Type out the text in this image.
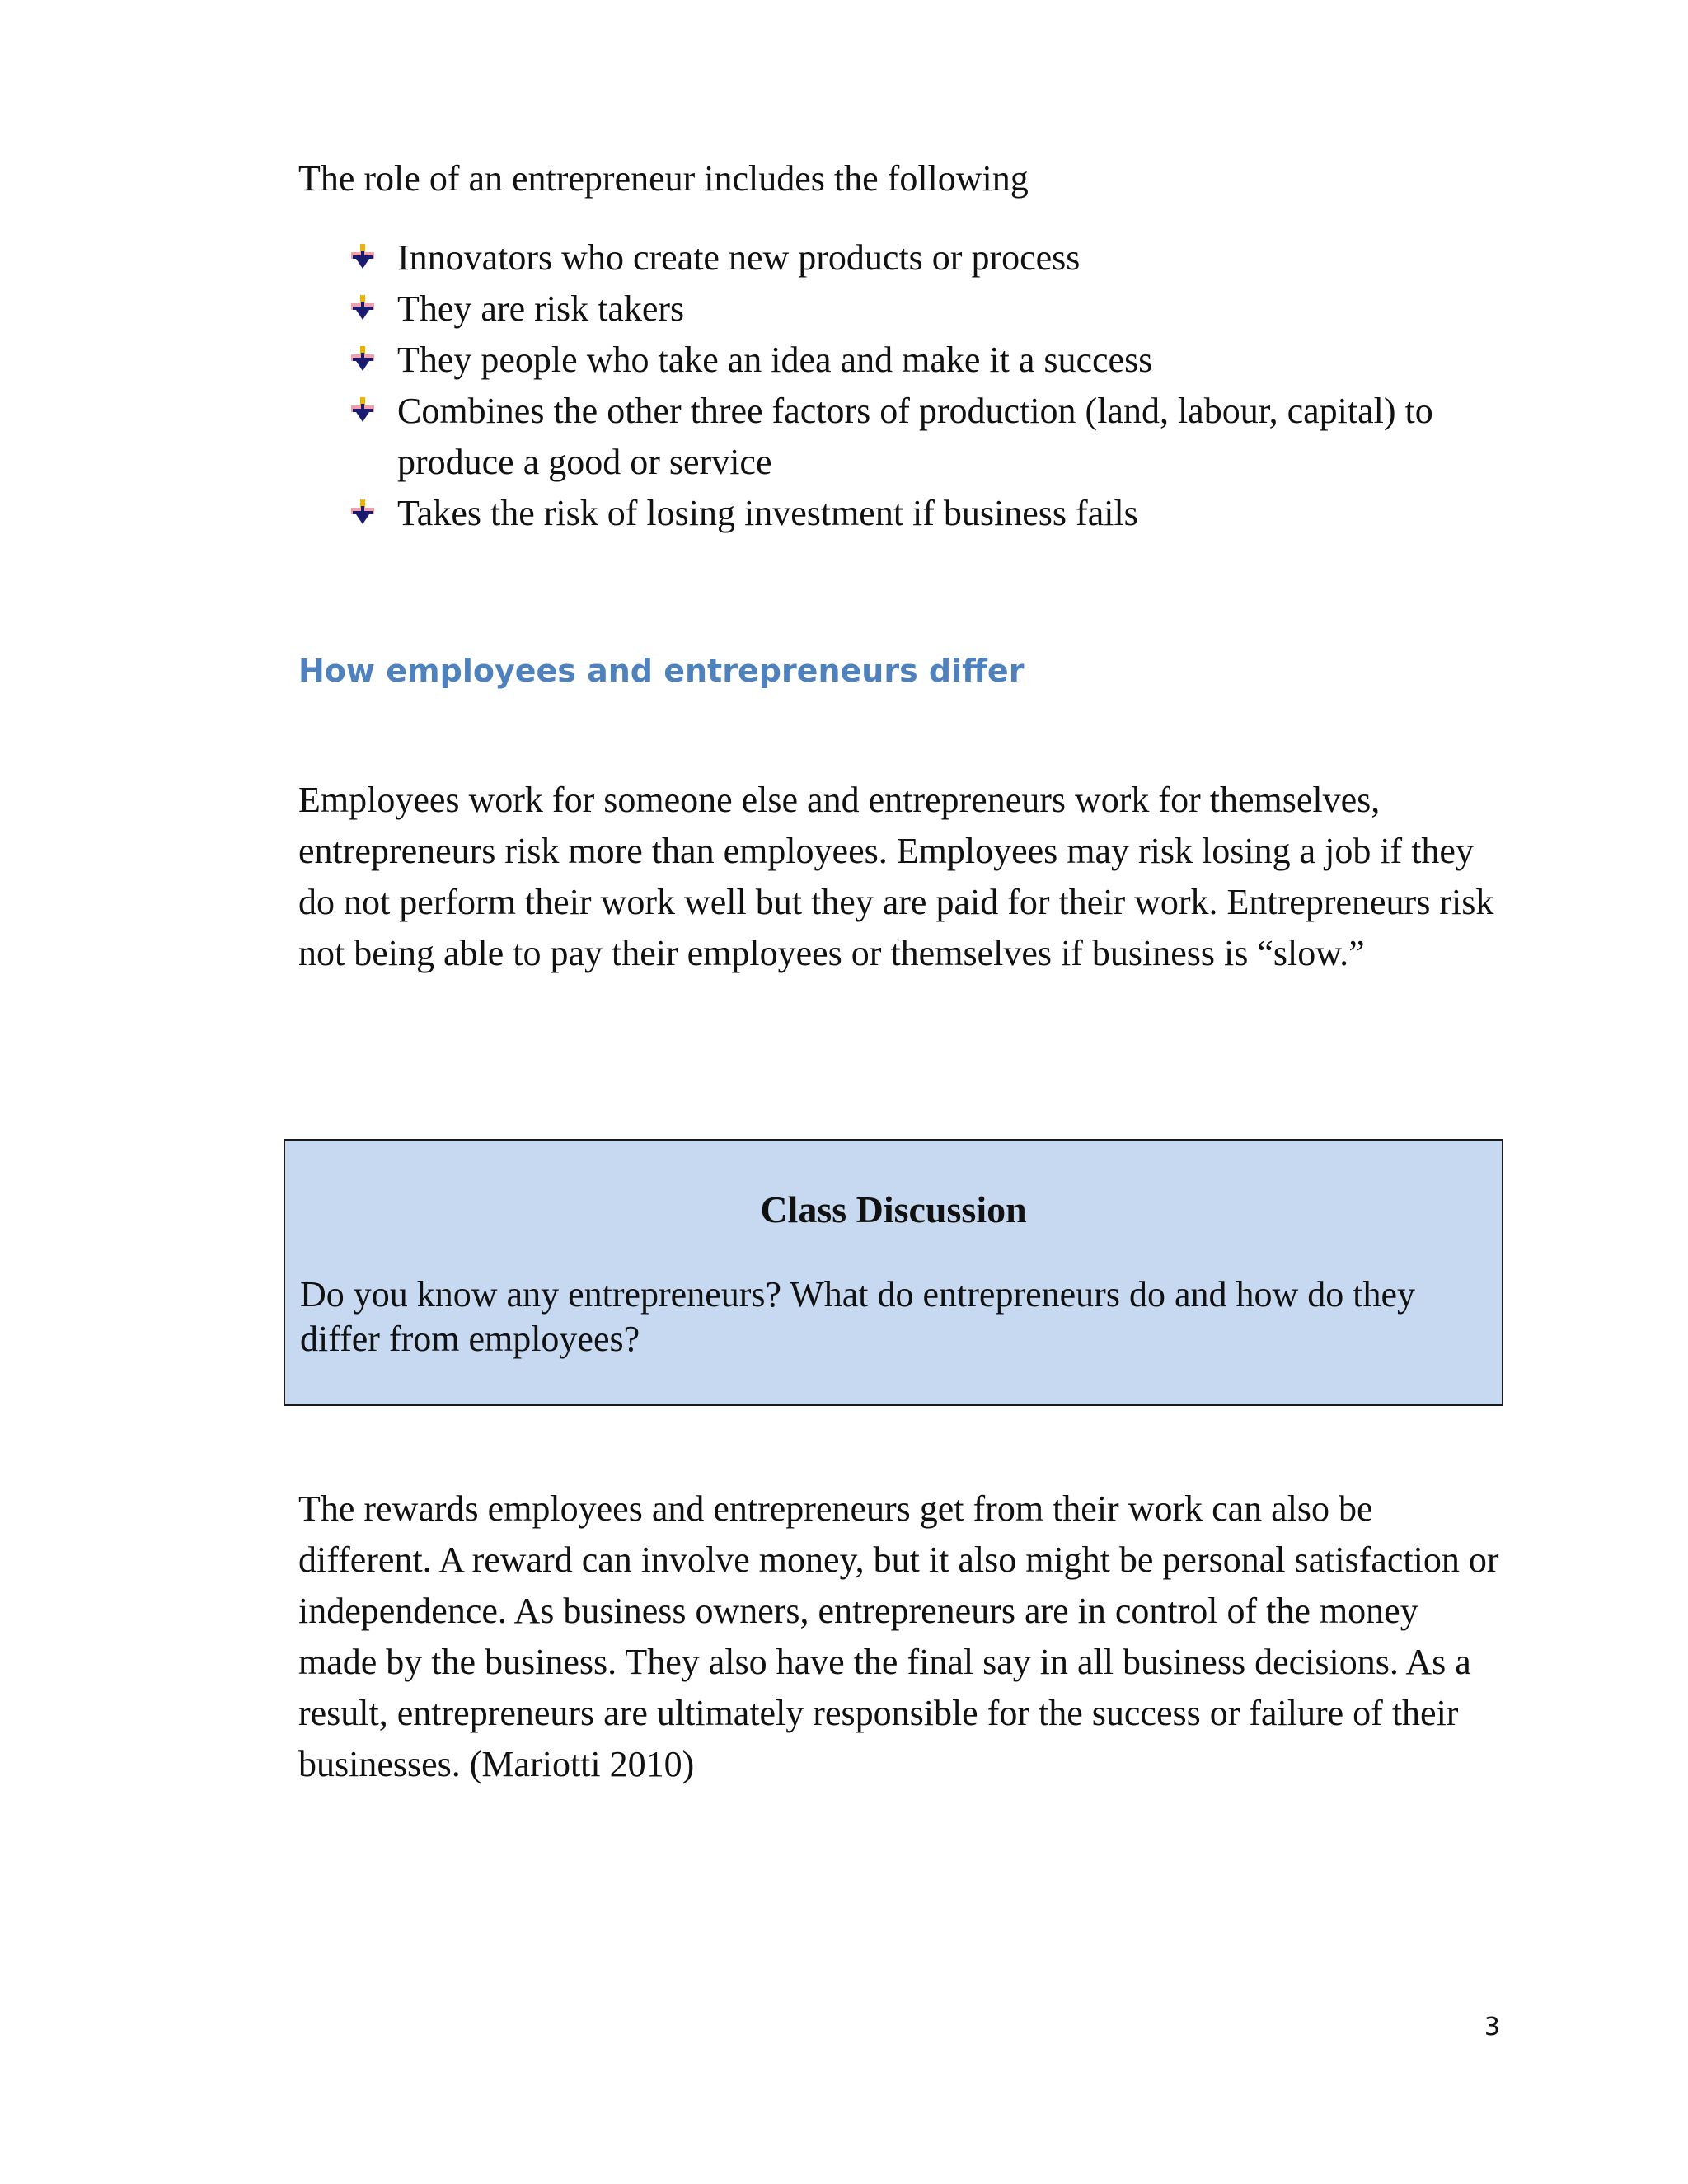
The role of an entrepreneur includes the following

Innovators who create new products or process
They are risk takers
They people who take an idea and make it a success
Combines the other three factors of production (land, labour, capital) to produce a good or service
Takes the risk of losing investment if business fails
How employees and entrepreneurs differ

Employees work for someone else and entrepreneurs work for themselves, entrepreneurs risk more than employees. Employees may risk losing a job if they do not perform their work well but they are paid for their work. Entrepreneurs risk not being able to pay their employees or themselves if business is “slow.”

Class Discussion

Do you know any entrepreneurs? What do entrepreneurs do and how do they differ from employees?

The rewards employees and entrepreneurs get from their work can also be different. A reward can involve money, but it also might be personal satisfaction or independence. As business owners, entrepreneurs are in control of the money made by the business. They also have the final say in all business decisions. As a result, entrepreneurs are ultimately responsible for the success or failure of their businesses. (Mariotti 2010)

3
